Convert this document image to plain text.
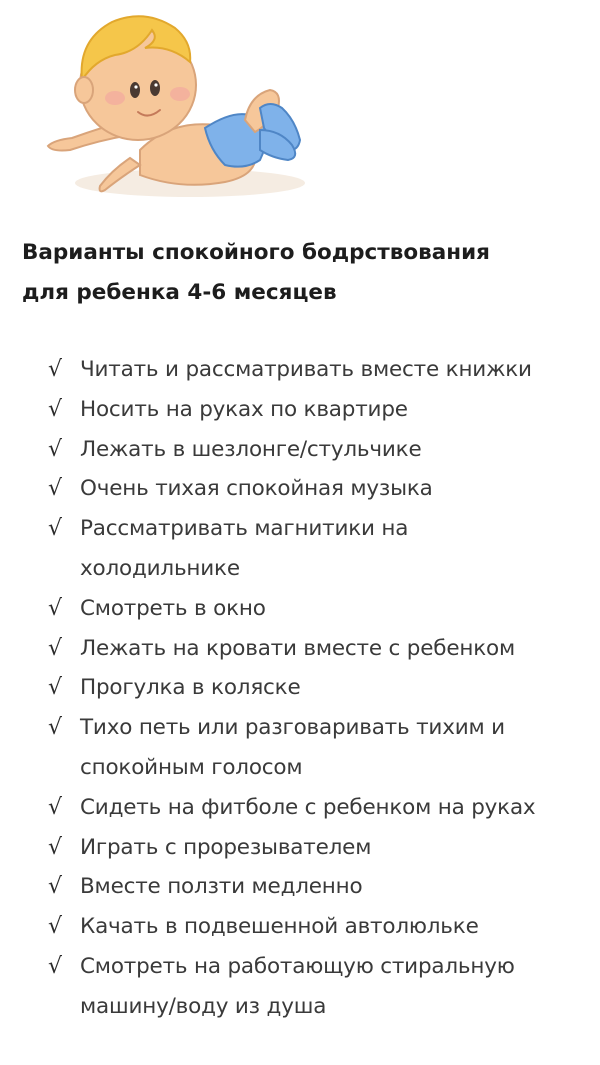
Варианты спокойного бодрствования
для ребенка 4-6 месяцев
√ Читать и рассматривать вместе книжки
√ Носить на руках по квартире
√ Лежать в шезлонге/стульчике
√ Очень тихая спокойная музыка
√ Рассматривать магнитики на
холодильнике
√ Смотреть в окно
√ Лежать на кровати вместе с ребенком
√ Прогулка в коляске
√ Тихо петь или разговаривать тихим и
спокойным голосом
√ Сидеть на фитболе с ребенком на руках
√ Играть с прорезывателем
√ Вместе ползти медленно
√ Качать в подвешенной автолюльке
√ Смотреть на работающую стиральную
машину/воду из душа
